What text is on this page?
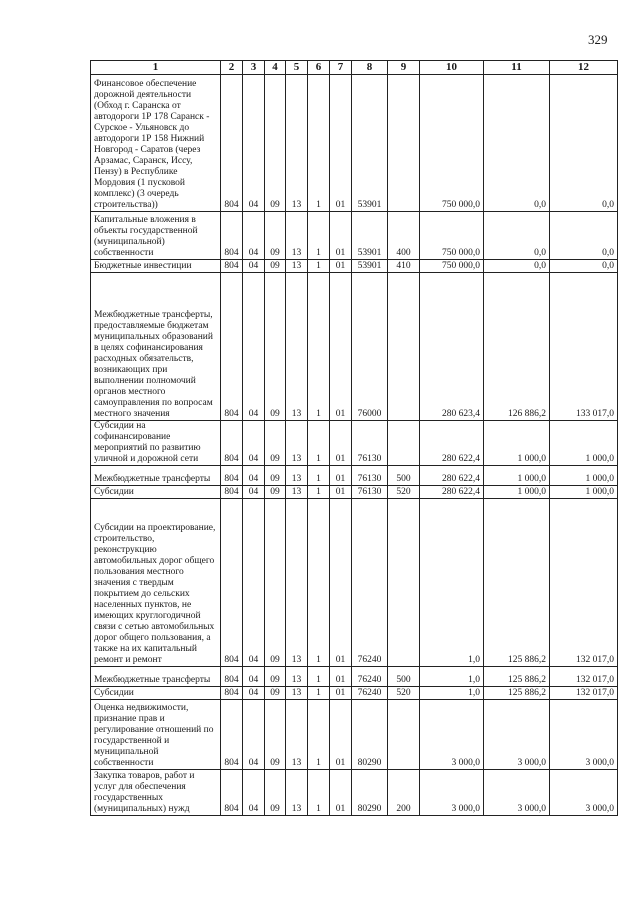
329
1	2	3	4	5	6	7	8	9	10	11	12
Финансовое обеспечение дорожной деятельности (Обход г. Саранска от автодороги 1Р 178 Саранск - Сурское - Ульяновск до автодороги 1Р 158 Нижний Новгород - Саратов (через Арзамас, Саранск, Иссу, Пензу) в Республике Мордовия (1 пусковой комплекс) (3 очередь строительства))	804	04	09	13	1	01	53901		750 000,0	0,0	0,0
Капитальные вложения в объекты государственной (муниципальной) собственности	804	04	09	13	1	01	53901	400	750 000,0	0,0	0,0
Бюджетные инвестиции	804	04	09	13	1	01	53901	410	750 000,0	0,0	0,0
Межбюджетные трансферты, предоставляемые бюджетам муниципальных образований в целях софинансирования расходных обязательств, возникающих при выполнении полномочий органов местного самоуправления по вопросам местного значения	804	04	09	13	1	01	76000		280 623,4	126 886,2	133 017,0
Субсидии на софинансирование мероприятий по развитию уличной и дорожной сети	804	04	09	13	1	01	76130		280 622,4	1 000,0	1 000,0
Межбюджетные трансферты	804	04	09	13	1	01	76130	500	280 622,4	1 000,0	1 000,0
Субсидии	804	04	09	13	1	01	76130	520	280 622,4	1 000,0	1 000,0
Субсидии на проектирование, строительство, реконструкцию автомобильных дорог общего пользования местного значения с твердым покрытием до сельских населенных пунктов, не имеющих круглогодичной связи с сетью автомобильных дорог общего пользования, а также на их капитальный ремонт и ремонт	804	04	09	13	1	01	76240		1,0	125 886,2	132 017,0
Межбюджетные трансферты	804	04	09	13	1	01	76240	500	1,0	125 886,2	132 017,0
Субсидии	804	04	09	13	1	01	76240	520	1,0	125 886,2	132 017,0
Оценка недвижимости, признание прав и регулирование отношений по государственной и муниципальной собственности	804	04	09	13	1	01	80290		3 000,0	3 000,0	3 000,0
Закупка товаров, работ и услуг для обеспечения государственных (муниципальных) нужд	804	04	09	13	1	01	80290	200	3 000,0	3 000,0	3 000,0
